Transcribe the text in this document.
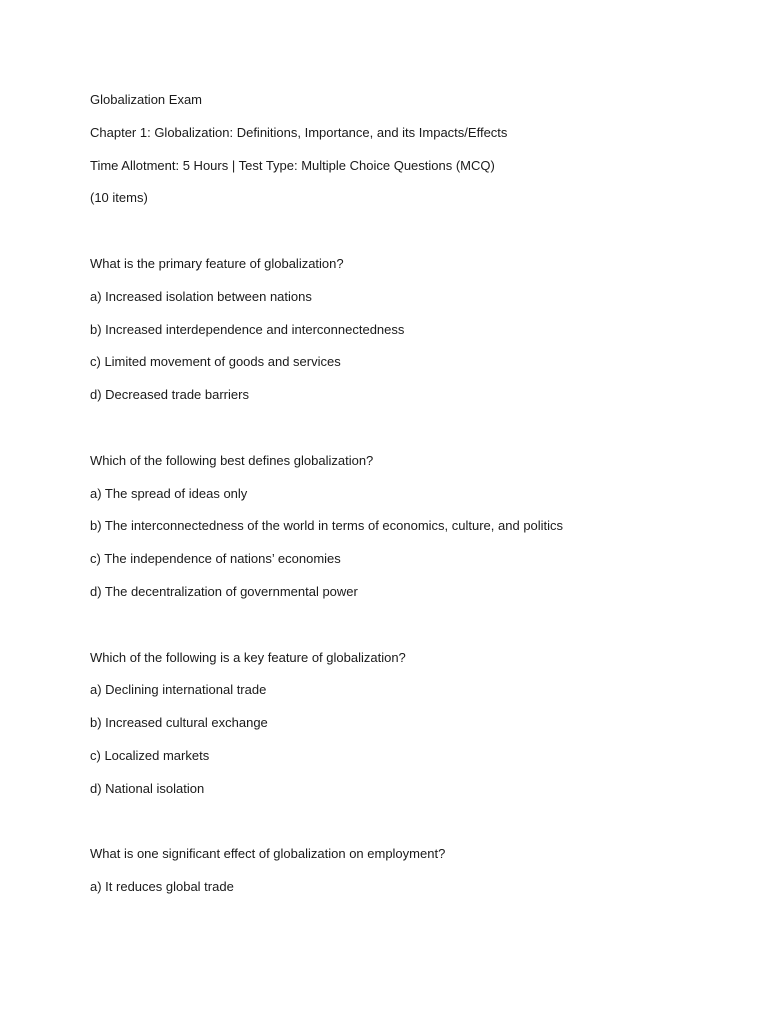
Globalization Exam
Chapter 1: Globalization: Definitions, Importance, and its Impacts/Effects
Time Allotment: 5 Hours | Test Type: Multiple Choice Questions (MCQ)
(10 items)
What is the primary feature of globalization?
a) Increased isolation between nations
b) Increased interdependence and interconnectedness
c) Limited movement of goods and services
d) Decreased trade barriers
Which of the following best defines globalization?
a) The spread of ideas only
b) The interconnectedness of the world in terms of economics, culture, and politics
c) The independence of nations’ economies
d) The decentralization of governmental power
Which of the following is a key feature of globalization?
a) Declining international trade
b) Increased cultural exchange
c) Localized markets
d) National isolation
What is one significant effect of globalization on employment?
a) It reduces global trade
